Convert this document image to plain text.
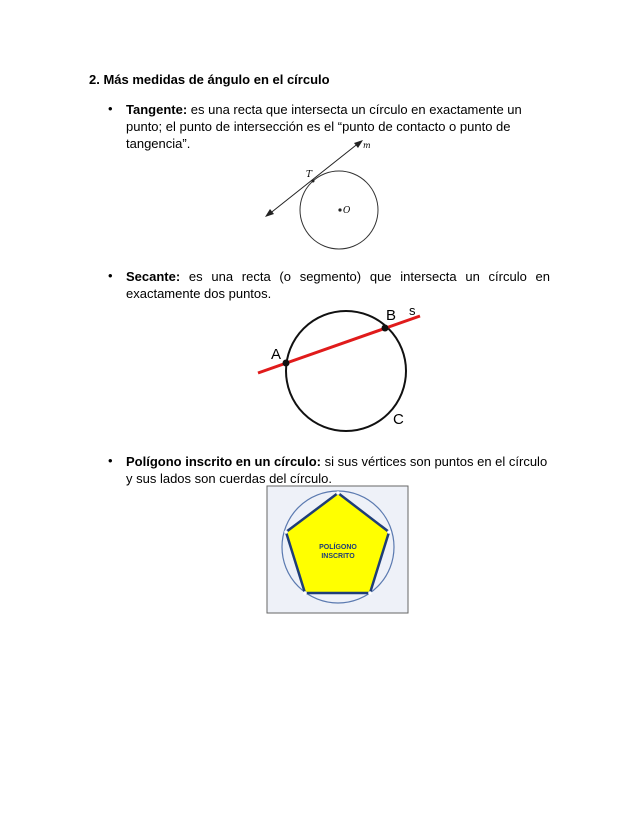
2. Más medidas de ángulo en el círculo
• Tangente: es una recta que intersecta un círculo en exactamente un punto; el punto de intersección es el “punto de contacto o punto de tangencia”.	m
T
O
• Secante: es una recta (o segmento) que intersecta un círculo en exactamente dos puntos.
A
B s
C
• Polígono inscrito en un círculo: si sus vértices son puntos en el círculo y sus lados son cuerdas del círculo.
POLÍGONO
INSCRITO
